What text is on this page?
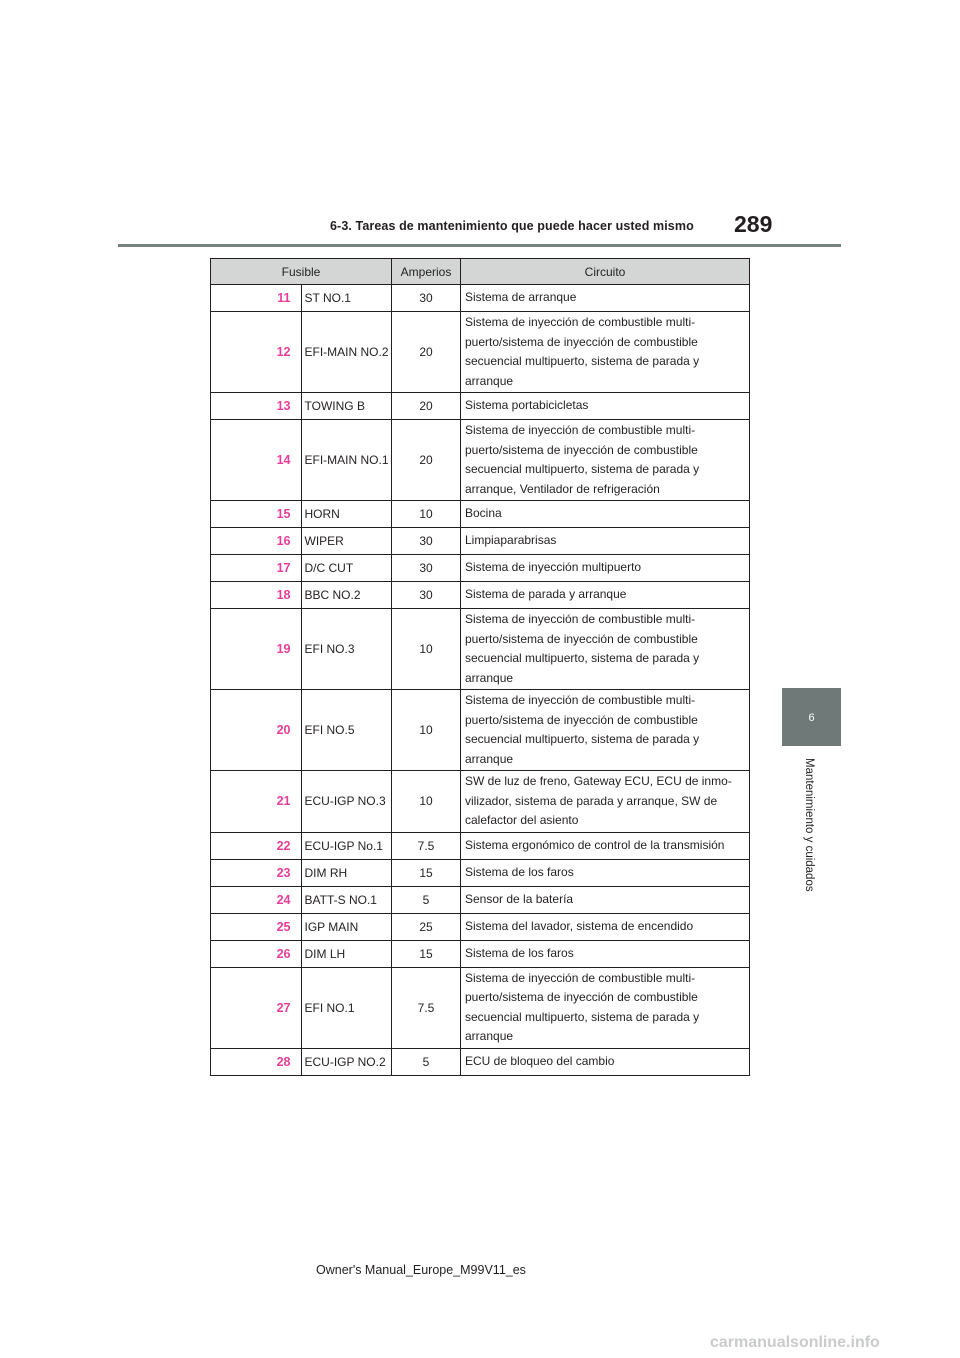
6-3. Tareas de mantenimiento que puede hacer usted mismo 289
6
Mantenimiento y cuidados
Fusible		Amperios	Circuito
11	ST NO.1	30	Sistema de arranque
12	EFI-MAIN NO.2	20	Sistema de inyección de combustible multi-puerto/sistema de inyección de combustible secuencial multipuerto, sistema de parada y arranque
13	TOWING B	20	Sistema portabicicletas
14	EFI-MAIN NO.1	20	Sistema de inyección de combustible multi-puerto/sistema de inyección de combustible secuencial multipuerto, sistema de parada y arranque, Ventilador de refrigeración
15	HORN	10	Bocina
16	WIPER	30	Limpiaparabrisas
17	D/C CUT	30	Sistema de inyección multipuerto
18	BBC NO.2	30	Sistema de parada y arranque
19	EFI NO.3	10	Sistema de inyección de combustible multi-puerto/sistema de inyección de combustible secuencial multipuerto, sistema de parada y arranque
20	EFI NO.5	10	Sistema de inyección de combustible multi-puerto/sistema de inyección de combustible secuencial multipuerto, sistema de parada y arranque
21	ECU-IGP NO.3	10	SW de luz de freno, Gateway ECU, ECU de inmo-vilizador, sistema de parada y arranque, SW de calefactor del asiento
22	ECU-IGP No.1	7.5	Sistema ergonómico de control de la transmisión
23	DIM RH	15	Sistema de los faros
24	BATT-S NO.1	5	Sensor de la batería
25	IGP MAIN	25	Sistema del lavador, sistema de encendido
26	DIM LH	15	Sistema de los faros
27	EFI NO.1	7.5	Sistema de inyección de combustible multi-puerto/sistema de inyección de combustible secuencial multipuerto, sistema de parada y arranque
28	ECU-IGP NO.2	5	ECU de bloqueo del cambio
Owner's Manual_Europe_M99V11_es
carmanualsonline.info
